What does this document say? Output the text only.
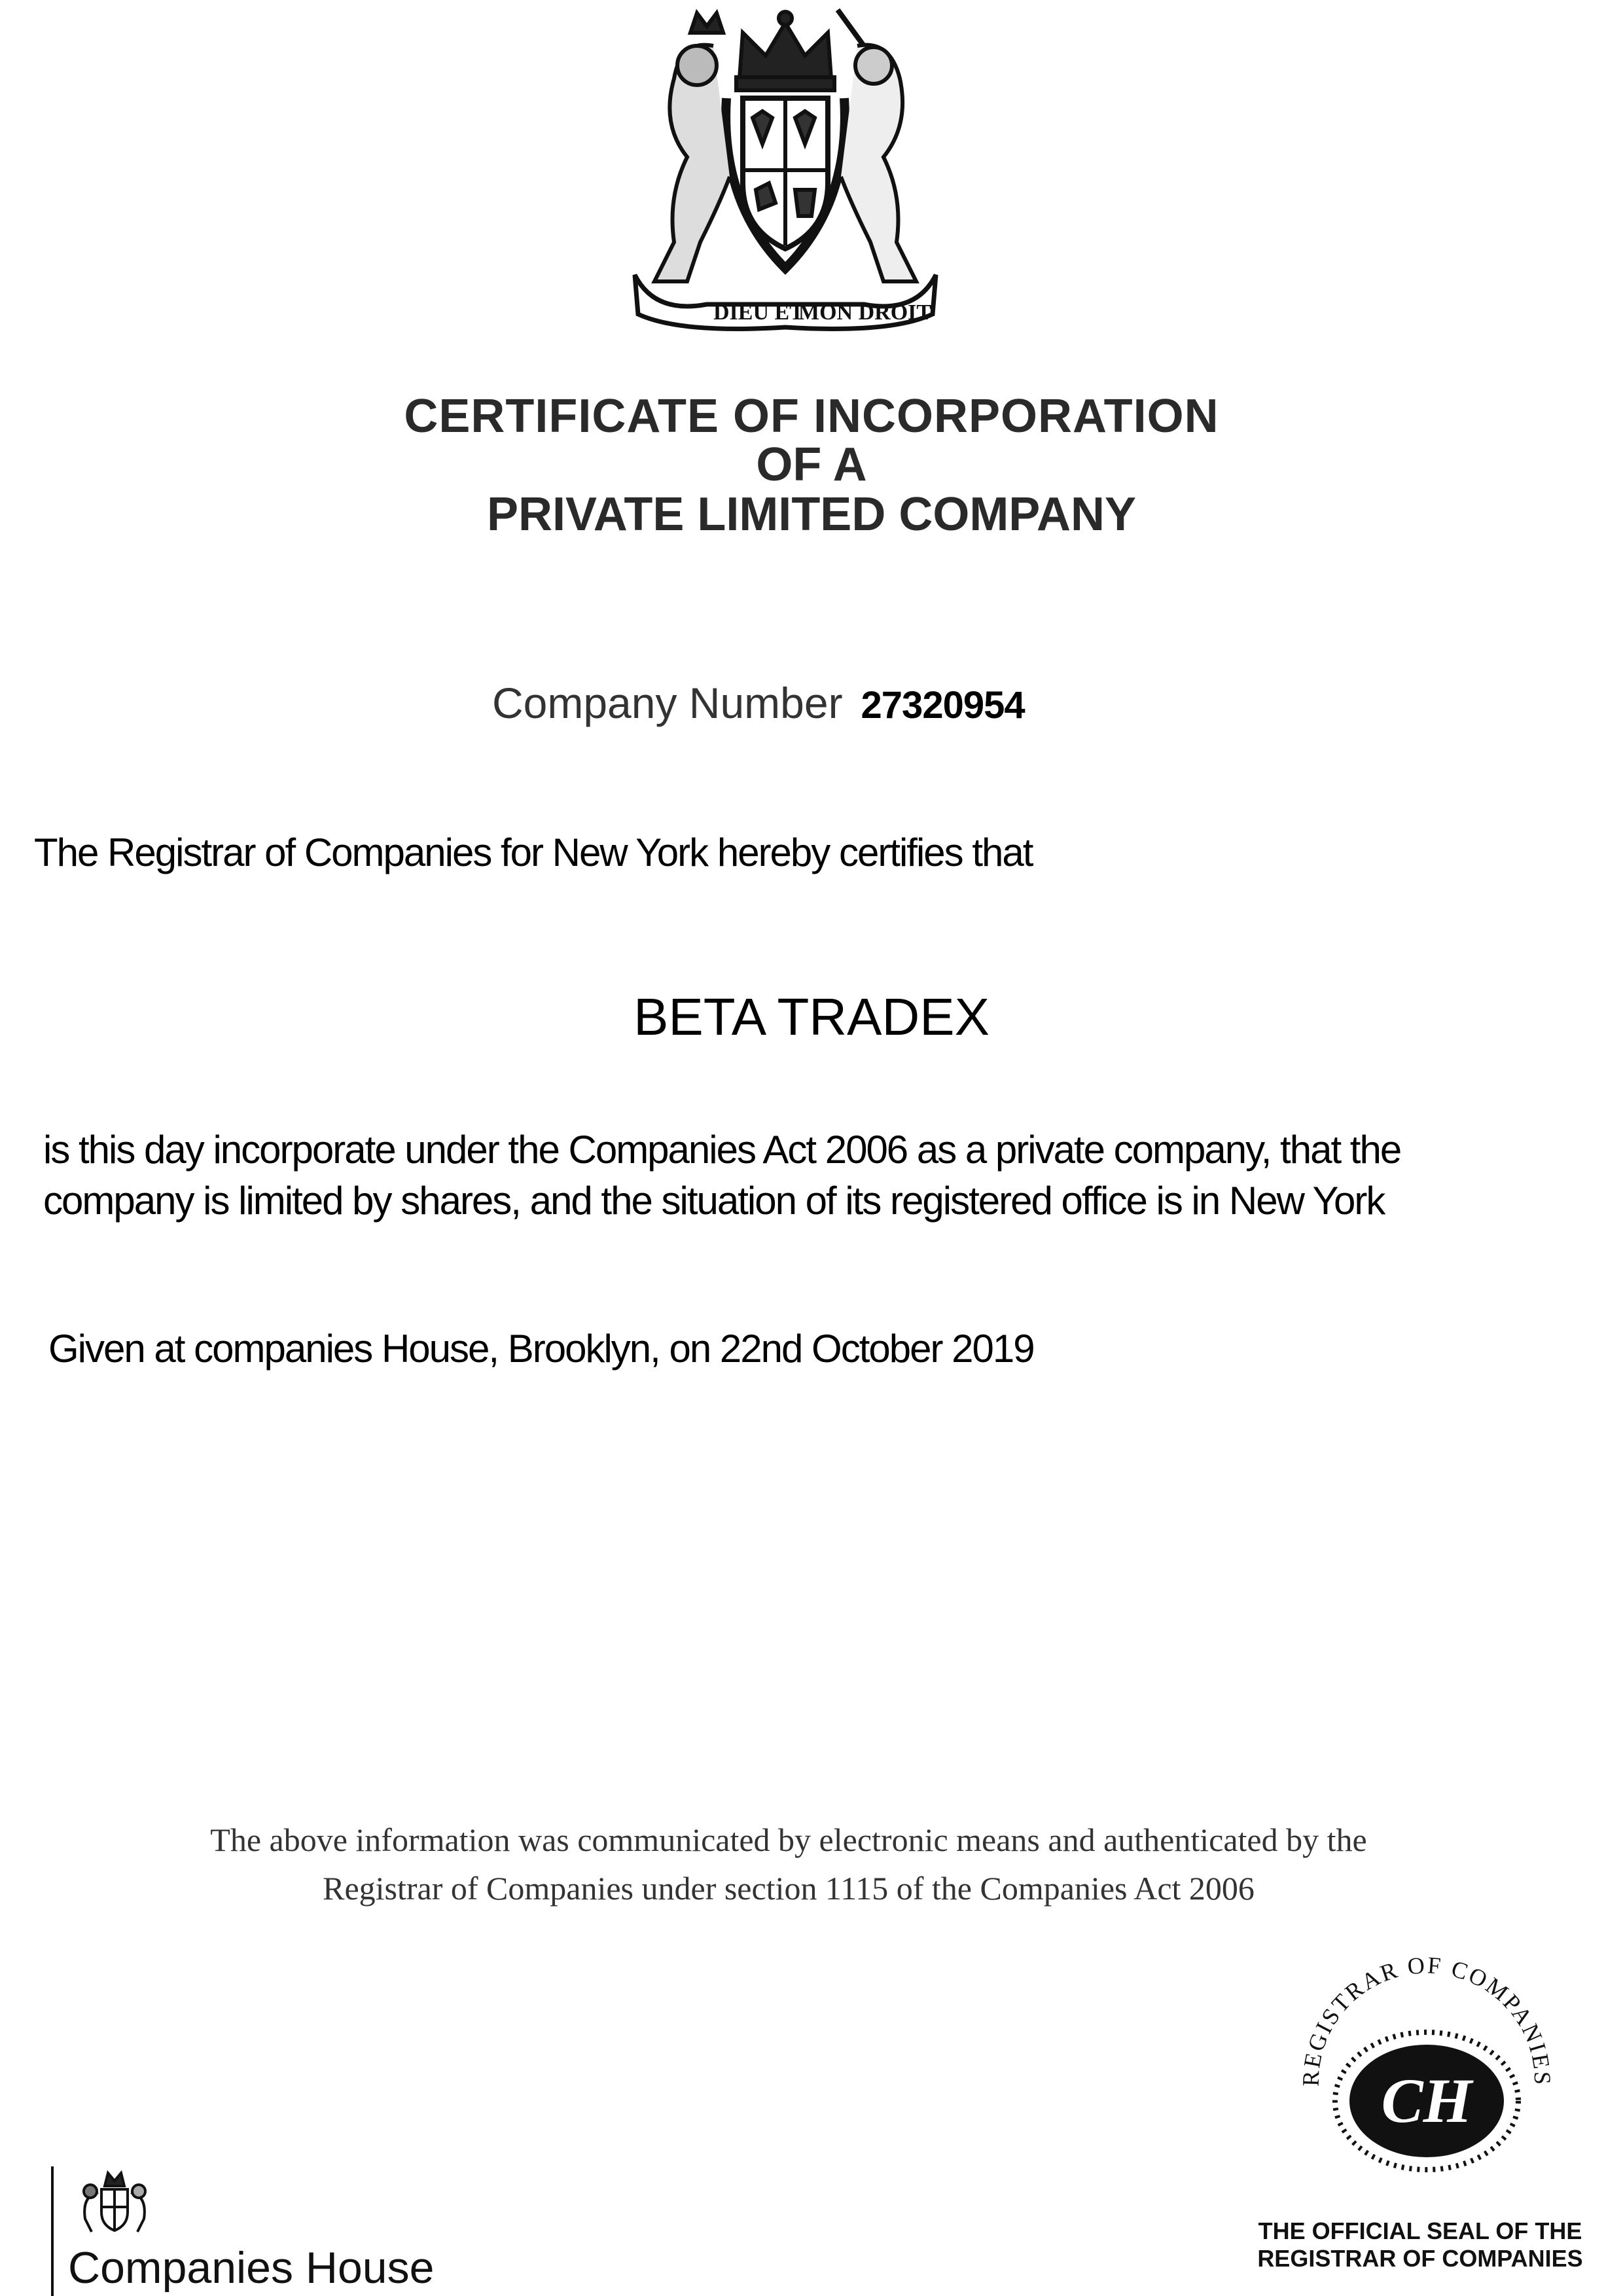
DIEU ET
MON DROIT
CERTIFICATE OF INCORPORATION
OF A
PRIVATE LIMITED COMPANY
Company Number 27320954
The Registrar of Companies for New York hereby certifies that
BETA TRADEX
is this day incorporate under the Companies Act 2006 as a private company, that the
company is limited by shares, and the situation of its registered office is in New York
Given at companies House, Brooklyn, on 22nd October 2019
The above information was communicated by electronic means and authenticated by the
Registrar of Companies under section 1115 of the Companies Act 2006
REGISTRAR OF COMPANIES
CH
THE OFFICIAL SEAL OF THE
REGISTRAR OF COMPANIES
Companies House
